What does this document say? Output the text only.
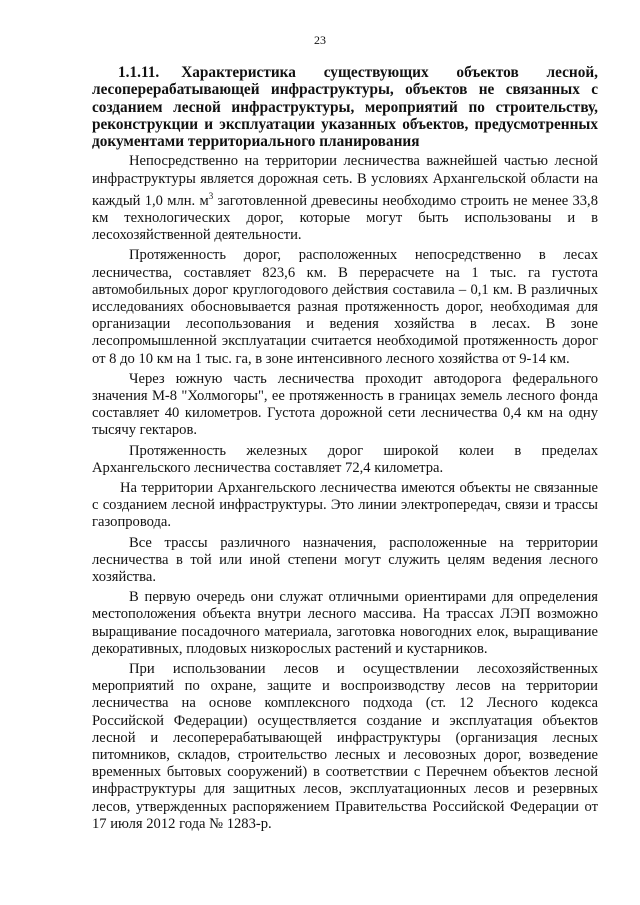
23

1.1.11. Характеристика существующих объектов лесной, лесоперерабатывающей инфраструктуры, объектов не связанных с созданием лесной инфраструктуры, мероприятий по строительству, реконструкции и эксплуатации указанных объектов, предусмотренных документами территориального планирования

Непосредственно на территории лесничества важнейшей частью лесной инфраструктуры является дорожная сеть. В условиях Архангельской области на каждый 1,0 млн. $м^3$ заготовленной древесины необходимо строить не менее 33,8 км технологических дорог, которые могут быть использованы и в лесохозяйственной деятельности.

Протяженность дорог, расположенных непосредственно в лесах лесничества, составляет 823,6 км. В перерасчете на 1 тыс. га густота автомобильных дорог круглогодового действия составила – 0,1 км. В различных исследованиях обосновывается разная протяженность дорог, необходимая для организации лесопользования и ведения хозяйства в лесах. В зоне лесопромышленной эксплуатации считается необходимой протяженность дорог от 8 до 10 км на 1 тыс. га, в зоне интенсивного лесного хозяйства от 9-14 км.

Через южную часть лесничества проходит автодорога федерального значения М-8 "Холмогоры", ее протяженность в границах земель лесного фонда составляет 40 километров. Густота дорожной сети лесничества 0,4 км на одну тысячу гектаров.

Протяженность железных дорог широкой колеи в пределах Архангельского лесничества составляет 72,4 километра.

На территории Архангельского лесничества имеются объекты не связанные с созданием лесной инфраструктуры. Это линии электропередач, связи и трассы газопровода.

Все трассы различного назначения, расположенные на территории лесничества в той или иной степени могут служить целям ведения лесного хозяйства.

В первую очередь они служат отличными ориентирами для определения местоположения объекта внутри лесного массива. На трассах ЛЭП возможно выращивание посадочного материала, заготовка новогодних елок, выращивание декоративных, плодовых низкорослых растений и кустарников.

При использовании лесов и осуществлении лесохозяйственных мероприятий по охране, защите и воспроизводству лесов на территории лесничества на основе комплексного подхода (ст. 12 Лесного кодекса Российской Федерации) осуществляется создание и эксплуатация объектов лесной и лесоперерабатывающей инфраструктуры (организация лесных питомников, складов, строительство лесных и лесовозных дорог, возведение временных бытовых сооружений) в соответствии с Перечнем объектов лесной инфраструктуры для защитных лесов, эксплуатационных лесов и резервных лесов, утвержденных распоряжением Правительства Российской Федерации от 17 июля 2012 года № 1283-р.
